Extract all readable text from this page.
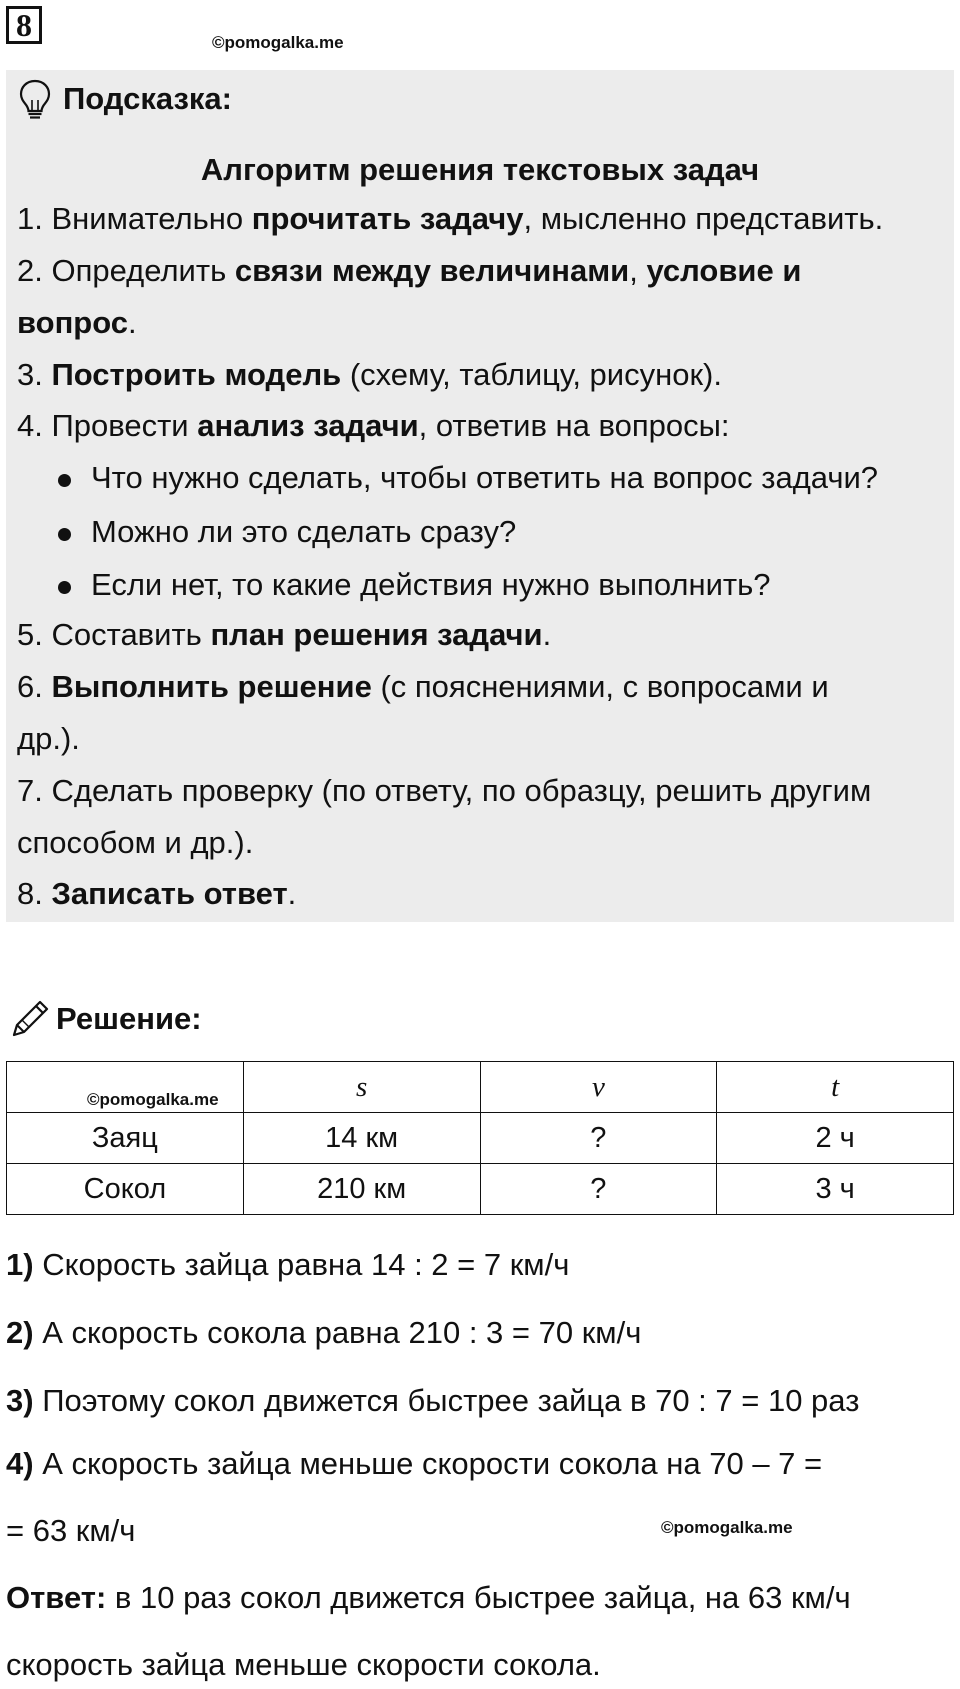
8	©pomogalka.me
Подсказка:
Алгоритм решения текстовых задач
1. Внимательно прочитать задачу, мысленно представить.
2. Определить связи между величинами, условие и
вопрос.
3. Построить модель (схему, таблицу, рисунок).
4. Провести анализ задачи, ответив на вопросы:
Что нужно сделать, чтобы ответить на вопрос задачи?
Можно ли это сделать сразу?
Если нет, то какие действия нужно выполнить?
5. Составить план решения задачи.
6. Выполнить решение (с пояснениями, с вопросами и
др.).
7. Сделать проверку (по ответу, по образцу, решить другим
способом и др.).
8. Записать ответ.
Решение:
©pomogalka.me	s	v	t
Заяц	14 км	?	2 ч
Сокол	210 км	?	3 ч
1) Скорость зайца равна 14 : 2 = 7 км/ч
2) А скорость сокола равна 210 : 3 = 70 км/ч
3) Поэтому сокол движется быстрее зайца в 70 : 7 = 10 раз
4) А скорость зайца меньше скорости сокола на 70 – 7 =
= 63 км/ч	©pomogalka.me
Ответ: в 10 раз сокол движется быстрее зайца, на 63 км/ч
скорость зайца меньше скорости сокола.
